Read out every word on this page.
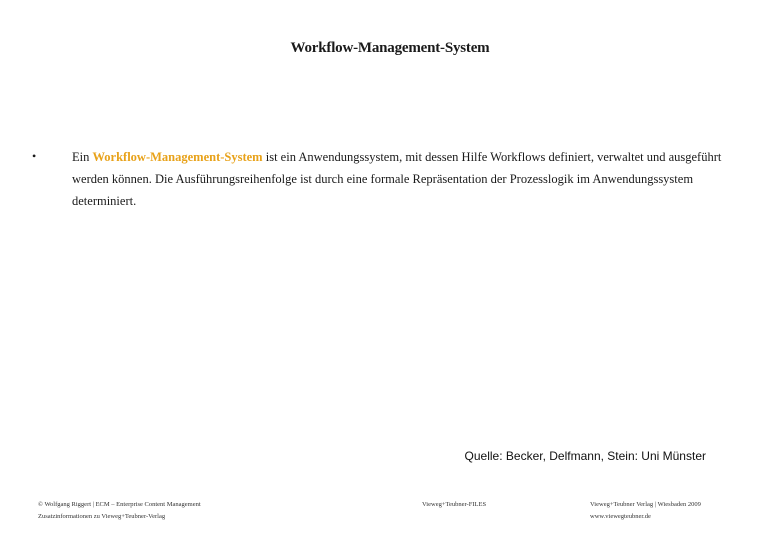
Workflow-Management-System
•	Ein Workflow-Management-System ist ein Anwendungssystem, mit dessen Hilfe Workflows definiert, verwaltet und ausgeführt werden können. Die Ausführungsreihenfolge ist durch eine formale Repräsentation der Prozesslogik im Anwendungssystem determiniert.
Quelle: Becker, Delfmann, Stein: Uni Münster
© Wolfgang Riggert | ECM – Enterprise Content Management
Zusatzinformationen zu Vieweg+Teubner-Verlag
Vieweg+Teubner-FILES	Vieweg+Teubner Verlag | Wiesbaden 2009
www.viewegteubner.de
